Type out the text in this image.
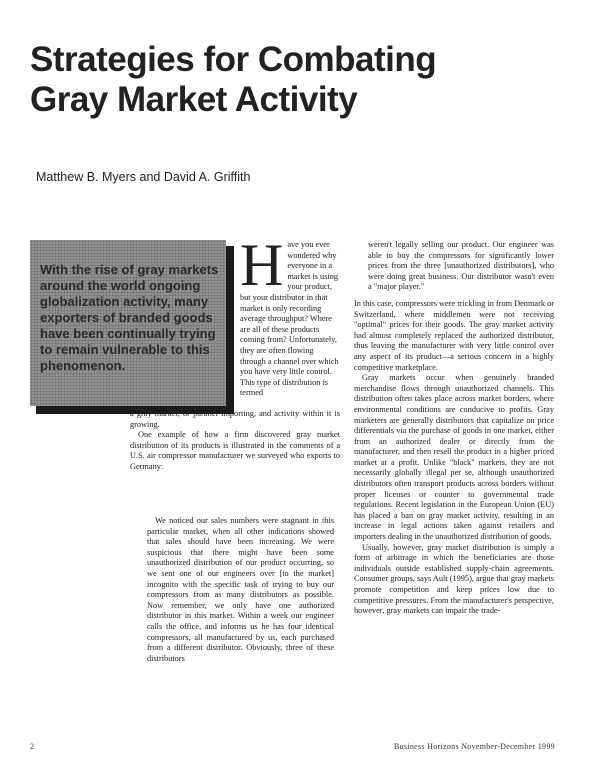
Strategies for Combating
Gray Market Activity
Matthew B. Myers and David A. Griffith
With the rise of gray markets around the world ongoing globalization activity, many exporters of branded goods have been continually trying to remain vulnerable to this phenomenon.
Have you ever wondered why everyone in a market is using your product, but your distributor in that market is only recording average throughput? Where are all of these products coming from? Unfortunately, they are often flowing through a channel over which you have very little control. This type of distribution is termed

a gray market, or parallel importing, and activity within it is growing.

One example of how a firm discovered gray market distribution of its products is illustrated in the comments of a U.S. air compressor manufacturer we surveyed who exports to Germany:

We noticed our sales numbers were stagnant in this particular market, when all other indications showed that sales should have been increasing. We were suspicious that there might have been some unauthorized distribution of our product occurring, so we sent one of our engineers over [to the market] incognito with the specific task of trying to buy our compressors from as many distributors as possible. Now remember, we only have one authorized distributor in this market. Within a week our engineer calls the office, and informs us he has four identical compressors, all manufactured by us, each purchased from a different distributor. Obviously, three of these distributors

weren't legally selling our product. Our engineer was able to buy the compressors for significantly lower prices from the three [unauthorized distributors], who were doing great business. Our distributor wasn't even a "major player."

In this case, compressors were trickling in from Denmark or Switzerland, where middlemen were not receiving "optimal" prices for their goods. The gray market activity had almost completely replaced the authorized distributor, thus leaving the manufacturer with very little control over any aspect of its product—a serious concern in a highly competitive marketplace.

Gray markets occur when genuinely branded merchandise flows through unauthorized channels. This distribution often takes place across market borders, where environmental conditions are conducive to profits. Gray marketers are generally distributors that capitalize on price differentials via the purchase of goods in one market, either from an authorized dealer or directly from the manufacturer, and then resell the product in a higher priced market at a profit. Unlike "black" markets, they are not necessarily globally illegal per se, although unauthorized distributors often transport products across borders without proper licenses or counter to governmental trade regulations. Recent legislation in the European Union (EU) has placed a ban on gray market activity, resulting in an increase in legal actions taken against retailers and importers dealing in the unauthorized distribution of goods.

Usually, however, gray market distribution is simply a form of arbitrage in which the beneficiaries are those individuals outside established supply-chain agreements. Consumer groups, says Ault (1995), argue that gray markets promote competition and keep prices low due to competitive pressures. From the manufacturer's perspective, however, gray markets can impair the trade-

2	Business Horizons November-December 1999
